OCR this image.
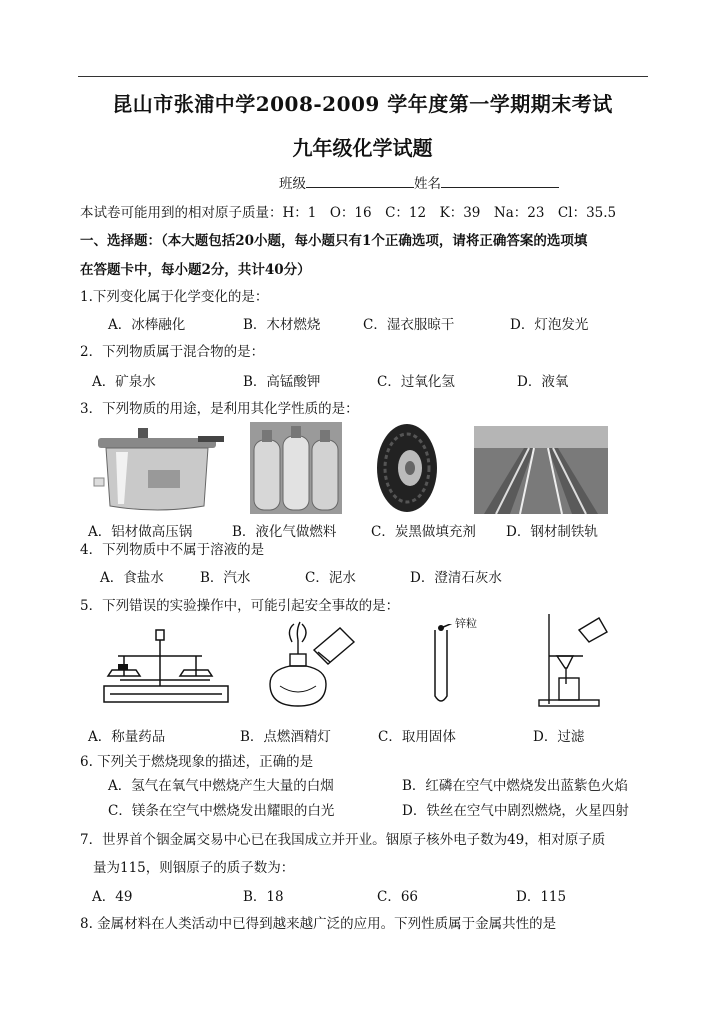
昆山市张浦中学2008-2009 学年度第一学期期末考试
九年级化学试题
班级	姓名
本试卷可能用到的相对原子质量：H：1　O：16　C：12　K：39　Na：23　Cl：35.5
一、选择题：（本大题包括20小题，每小题只有1个正确选项，请将正确答案的选项填
在答题卡中，每小题2分，共计40分）
1.下列变化属于化学变化的是：
A．冰棒融化	B．木材燃烧	C．湿衣服晾干	D．灯泡发光
2．下列物质属于混合物的是：
A．矿泉水	B．高锰酸钾	C．过氧化氢	D．液氧
3．下列物质的用途，是利用其化学性质的是：
A．铝材做高压锅	B．液化气做燃料	C．炭黑做填充剂 D．钢材制铁轨
4．下列物质中不属于溶液的是
A．食盐水	B．汽水	C．泥水	D．澄清石灰水
5．下列错误的实验操作中，可能引起安全事故的是：
锌粒
A．称量药品	B．点燃酒精灯	C．取用固体	D．过滤
6. 下列关于燃烧现象的描述，正确的是
A．氢气在氧气中燃烧产生大量的白烟	B．红磷在空气中燃烧发出蓝紫色火焰
C．镁条在空气中燃烧发出耀眼的白光	D．铁丝在空气中剧烈燃烧，火星四射
7．世界首个铟金属交易中心已在我国成立并开业。铟原子核外电子数为49，相对原子质
量为115，则铟原子的质子数为：
A．49	B．18	C．66	D．115
8. 金属材料在人类活动中已得到越来越广泛的应用。下列性质属于金属共性的是
